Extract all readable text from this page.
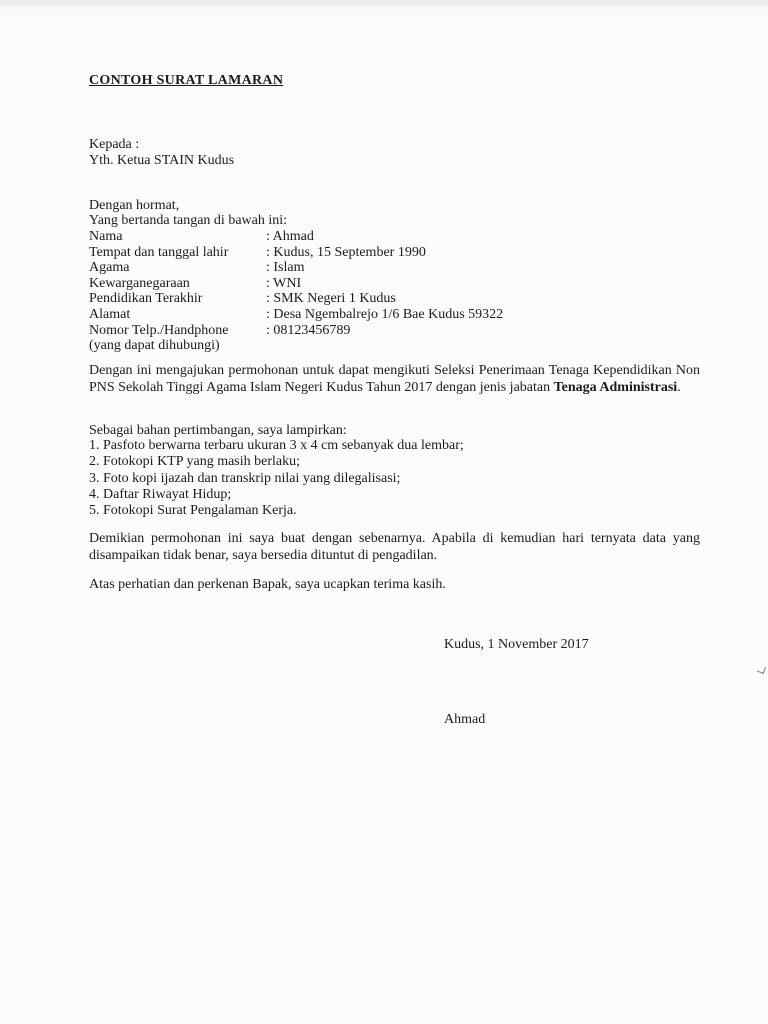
CONTOH SURAT LAMARAN
Kepada :
Yth. Ketua STAIN Kudus
Dengan hormat,
Yang bertanda tangan di bawah ini:
Nama	: Ahmad
Tempat dan tanggal lahir	: Kudus, 15 September 1990
Agama	: Islam
Kewarganegaraan	: WNI
Pendidikan Terakhir	: SMK Negeri 1 Kudus
Alamat	: Desa Ngembalrejo 1/6 Bae Kudus 59322
Nomor Telp./Handphone	: 08123456789
(yang dapat dihubungi)
Dengan ini mengajukan permohonan untuk dapat mengikuti Seleksi Penerimaan Tenaga Kependidikan Non PNS Sekolah Tinggi Agama Islam Negeri Kudus Tahun 2017 dengan jenis jabatan Tenaga Administrasi.
Sebagai bahan pertimbangan, saya lampirkan:
1. Pasfoto berwarna terbaru ukuran 3 x 4 cm sebanyak dua lembar;
2. Fotokopi KTP yang masih berlaku;
3. Foto kopi ijazah dan transkrip nilai yang dilegalisasi;
4. Daftar Riwayat Hidup;
5. Fotokopi Surat Pengalaman Kerja.
Demikian permohonan ini saya buat dengan sebenarnya. Apabila di kemudian hari ternyata data yang disampaikan tidak benar, saya bersedia dituntut di pengadilan.
Atas perhatian dan perkenan Bapak, saya ucapkan terima kasih.
Kudus, 1 November 2017
Ahmad
